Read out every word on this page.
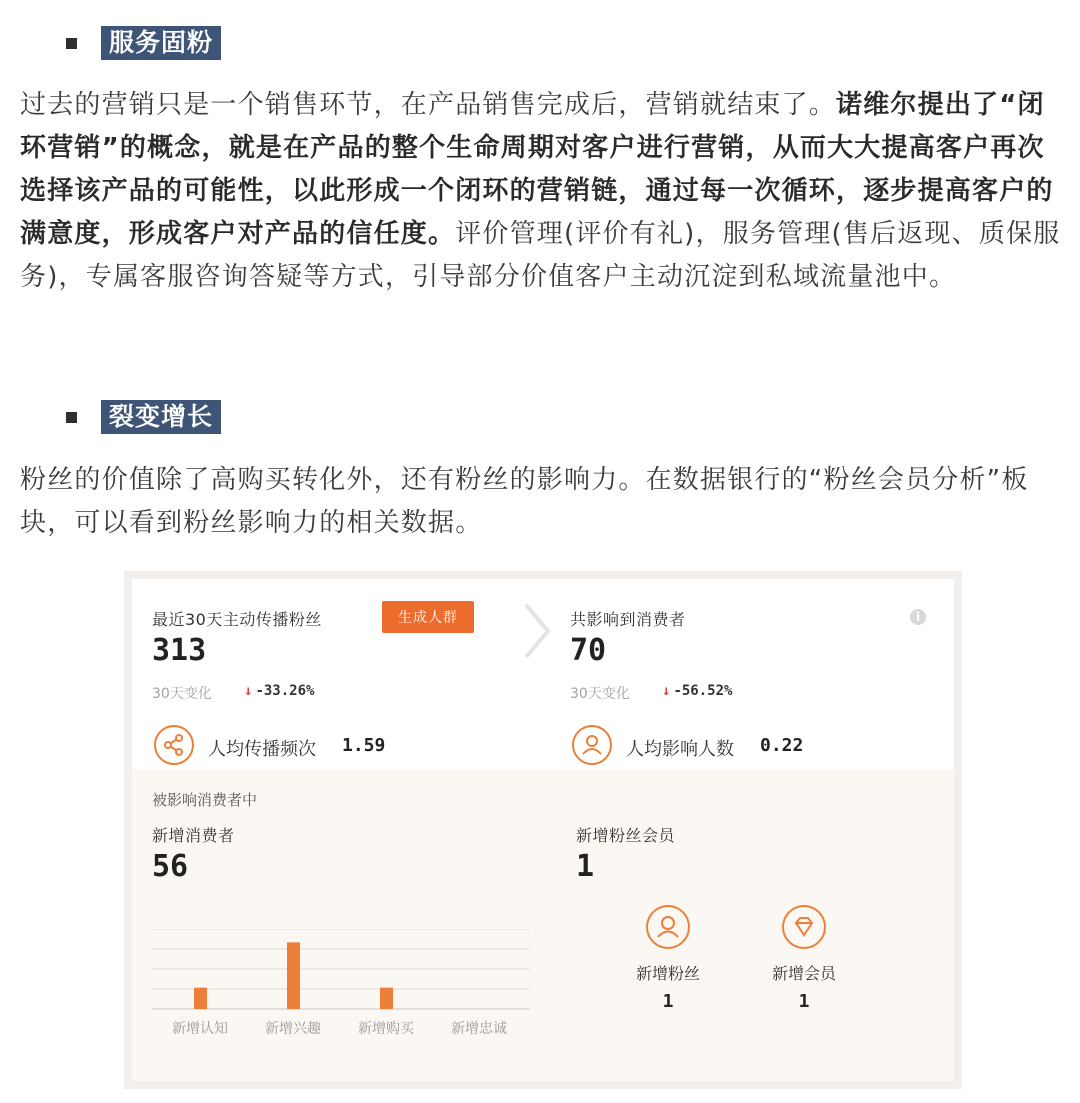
服务固粉
过去的营销只是一个销售环节，在产品销售完成后，营销就结束了。诺维尔提出了“闭环营销”的概念，就是在产品的整个生命周期对客户进行营销，从而大大提高客户再次选择该产品的可能性，以此形成一个闭环的营销链，通过每一次循环，逐步提高客户的满意度，形成客户对产品的信任度。评价管理(评价有礼)，服务管理(售后返现、质保服务)，专属客服咨询答疑等方式，引导部分价值客户主动沉淀到私域流量池中。
裂变增长
粉丝的价值除了高购买转化外，还有粉丝的影响力。在数据银行的“粉丝会员分析”板块，可以看到粉丝影响力的相关数据。
最近30天主动传播粉丝	生成人群
313
30天变化 ↓ -33.26%
人均传播频次 1.59
共影响到消费者	i
70
30天变化 ↓ -56.52%
人均影响人数 0.22
被影响消费者中
新增消费者
56
新增认知	新增兴趣	新增购买	新增忠诚
新增粉丝会员
1
新增粉丝
1
新增会员
1
